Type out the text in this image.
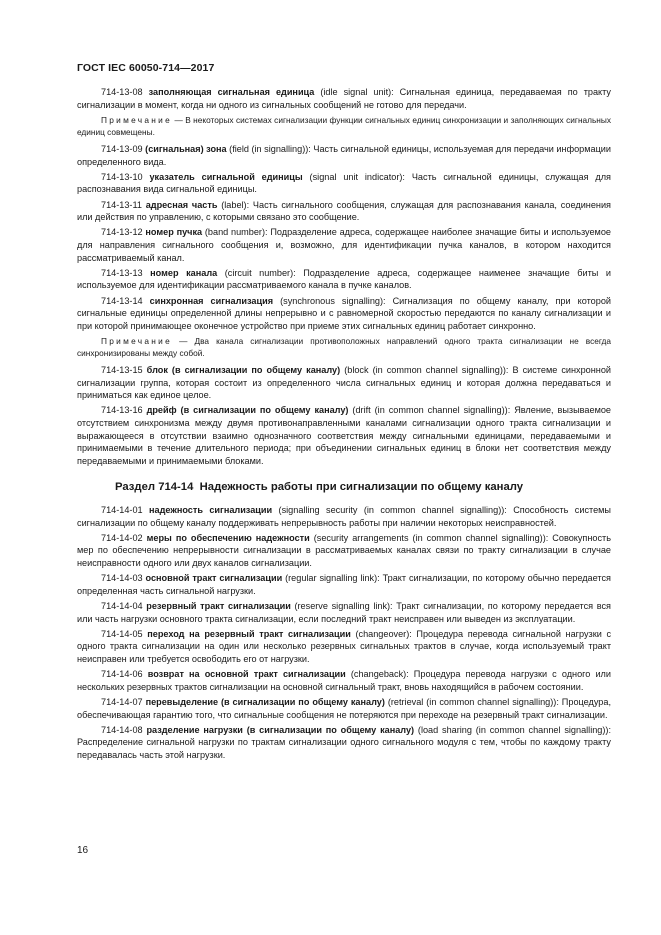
ГОСТ IEC 60050-714—2017

714-13-08 заполняющая сигнальная единица (idle signal unit): Сигнальная единица, передаваемая по тракту сигнализации в момент, когда ни одного из сигнальных сообщений не готово для передачи.

Примечание — В некоторых системах сигнализации функции сигнальных единиц синхронизации и заполняющих сигнальных единиц совмещены.

714-13-09 (сигнальная) зона (field (in signalling)): Часть сигнальной единицы, используемая для передачи информации определенного вида.

714-13-10 указатель сигнальной единицы (signal unit indicator): Часть сигнальной единицы, служащая для распознавания вида сигнальной единицы.

714-13-11 адресная часть (label): Часть сигнального сообщения, служащая для распознавания канала, соединения или действия по управлению, с которыми связано это сообщение.

714-13-12 номер пучка (band number): Подразделение адреса, содержащее наиболее значащие биты и используемое для направления сигнального сообщения и, возможно, для идентификации пучка каналов, в котором находится рассматриваемый канал.

714-13-13 номер канала (circuit number): Подразделение адреса, содержащее наименее значащие биты и используемое для идентификации рассматриваемого канала в пучке каналов.

714-13-14 синхронная сигнализация (synchronous signalling): Сигнализация по общему каналу, при которой сигнальные единицы определенной длины непрерывно и с равномерной скоростью передаются по каналу сигнализации и при которой принимающее оконечное устройство при приеме этих сигнальных единиц работает синхронно.

Примечание — Два канала сигнализации противоположных направлений одного тракта сигнализации не всегда синхронизированы между собой.

714-13-15 блок (в сигнализации по общему каналу) (block (in common channel signalling)): В системе синхронной сигнализации группа, которая состоит из определенного числа сигнальных единиц и которая должна передаваться и приниматься как единое целое.

714-13-16 дрейф (в сигнализации по общему каналу) (drift (in common channel signalling)): Явление, вызываемое отсутствием синхронизма между двумя противонаправленными каналами сигнализации одного тракта сигнализации и выражающееся в отсутствии взаимно однозначного соответствия между сигнальными единицами, передаваемыми и принимаемыми в течение длительного периода; при объединении сигнальных единиц в блоки нет соответствия между передаваемыми и принимаемыми блоками.

Раздел 714-14  Надежность работы при сигнализации по общему каналу

714-14-01 надежность сигнализации (signalling security (in common channel signalling)): Способность системы сигнализации по общему каналу поддерживать непрерывность работы при наличии некоторых неисправностей.

714-14-02 меры по обеспечению надежности (security arrangements (in common channel signalling)): Совокупность мер по обеспечению непрерывности сигнализации в рассматриваемых каналах связи по тракту сигнализации в случае неисправности одного или двух каналов сигнализации.

714-14-03 основной тракт сигнализации (regular signalling link): Тракт сигнализации, по которому обычно передается определенная часть сигнальной нагрузки.

714-14-04 резервный тракт сигнализации (reserve signalling link): Тракт сигнализации, по которому передается вся или часть нагрузки основного тракта сигнализации, если последний тракт неисправен или выведен из эксплуатации.

714-14-05 переход на резервный тракт сигнализации (changeover): Процедура перевода сигнальной нагрузки с одного тракта сигнализации на один или несколько резервных сигнальных трактов в случае, когда используемый тракт неисправен или требуется освободить его от нагрузки.

714-14-06 возврат на основной тракт сигнализации (changeback): Процедура перевода нагрузки с одного или нескольких резервных трактов сигнализации на основной сигнальный тракт, вновь находящийся в рабочем состоянии.

714-14-07 перевыделение (в сигнализации по общему каналу) (retrieval (in common channel signalling)): Процедура, обеспечивающая гарантию того, что сигнальные сообщения не потеряются при переходе на резервный тракт сигнализации.

714-14-08 разделение нагрузки (в сигнализации по общему каналу) (load sharing (in common channel signalling)): Распределение сигнальной нагрузки по трактам сигнализации одного сигнального модуля с тем, чтобы по каждому тракту передавалась часть этой нагрузки.

16
